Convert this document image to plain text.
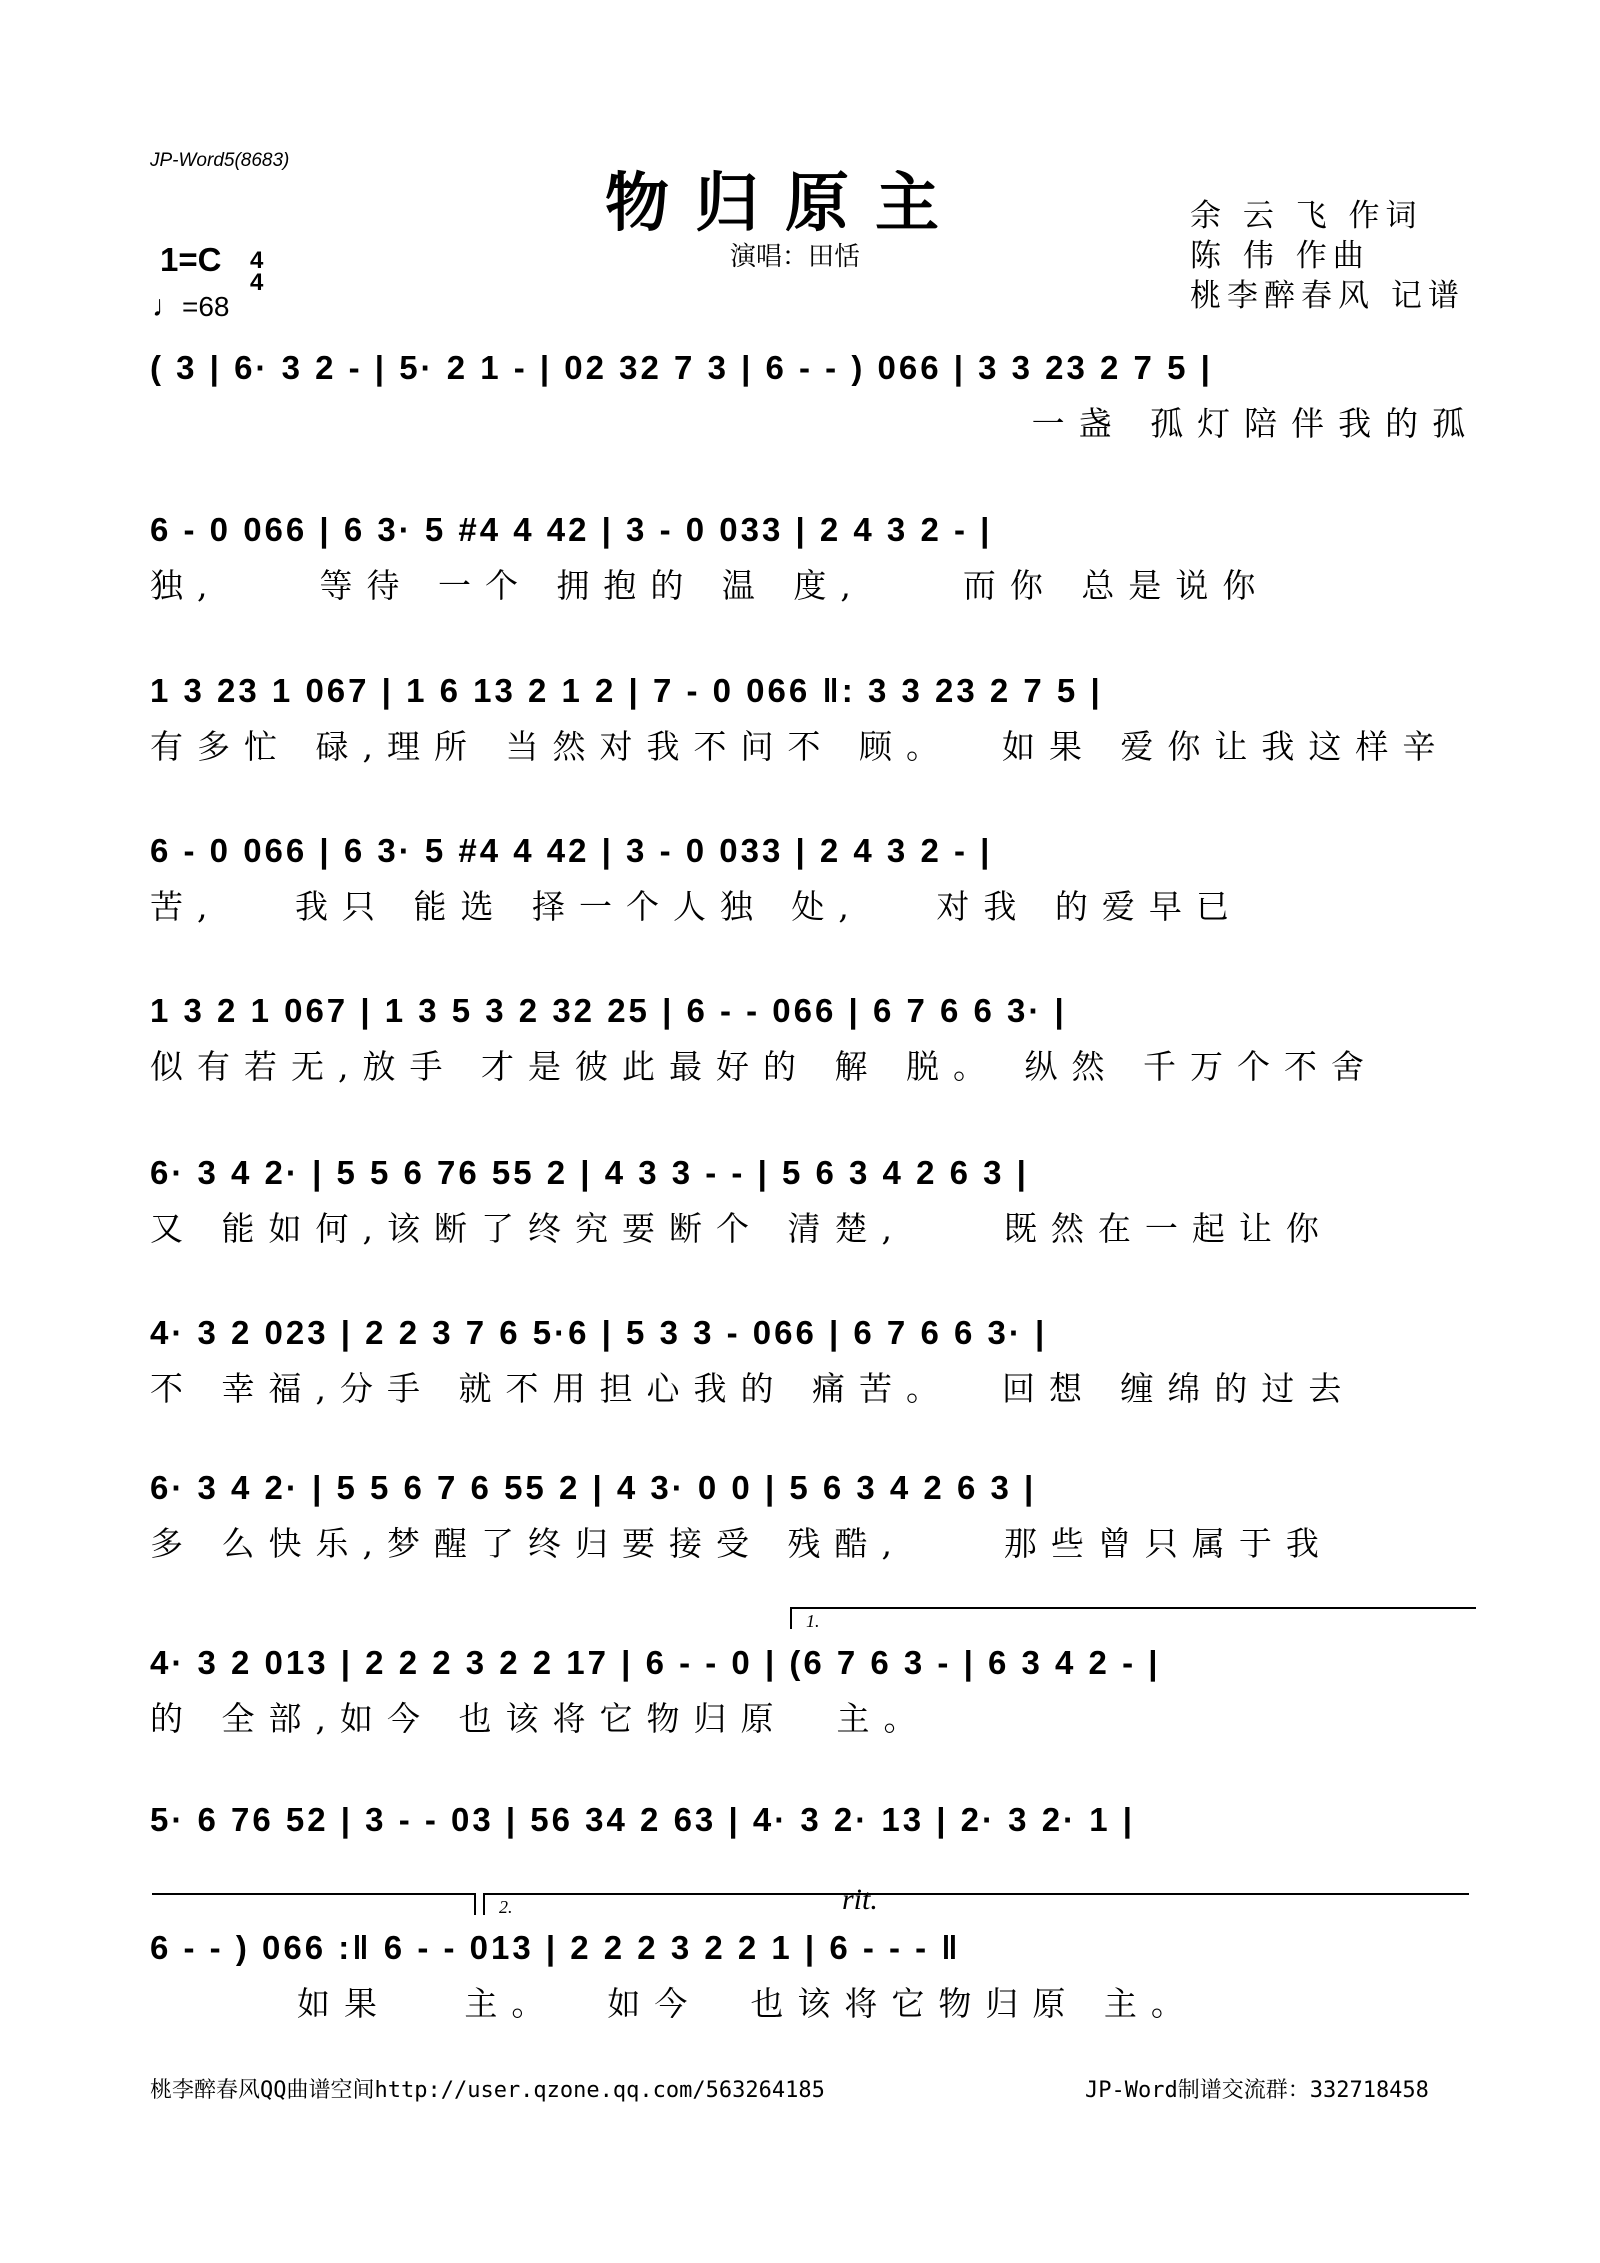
JP-Word5(8683)
物归原主
演唱：田恬
余 云 飞 作词
陈 伟 作曲
桃李醉春风 记谱
1=C 4
4
♩=68
( 3 | 6· 3 2 - | 5· 2 1 - | 02 32 7 3 | 6 - - ) 066 | 3 3 23 2 7 5 |
一盏 孤灯陪伴我的孤
6 - 0 066 | 6 3· 5 #4 4 42 | 3 - 0 033 | 2 4 3 2 - |
独,    等待 一个 拥抱的 温 度,    而你 总是说你
1 3 23 1 067 | 1 6 13 2 1 2 | 7 - 0 066 ‖: 3 3 23 2 7 5 |
有多忙 碌,理所 当然对我不问不 顾。  如果 爱你让我这样辛
6 - 0 066 | 6 3· 5 #4 4 42 | 3 - 0 033 | 2 4 3 2 - |
苦,   我只 能选 择一个人独 处,   对我 的爱早已
1 3 2 1 067 | 1 3 5 3 2 32 25 | 6 - - 066 | 6 7 6 6 3· |
似有若无,放手 才是彼此最好的 解 脱。 纵然 千万个不舍
6· 3 4 2· | 5 5 6 76 55 2 | 4 3 3 - - | 5 6 3 4 2 6 3 |
又 能如何,该断了终究要断个 清楚,    既然在一起让你
4· 3 2 023 | 2 2 3 7 6 5·6 | 5 3 3 - 066 | 6 7 6 6 3· |
不 幸福,分手 就不用担心我的 痛苦。  回想 缠绵的过去
6· 3 4 2· | 5 5 6 7 6 55 2 | 4 3· 0 0 | 5 6 3 4 2 6 3 |
多 么快乐,梦醒了终归要接受 残酷,    那些曾只属于我
1.
4· 3 2 013 | 2 2 2 3 2 2 17 | 6 - - 0 | (6 7 6 3 - | 6 3 4 2 - |
的 全部,如今 也该将它物归原  主。
5· 6 76 52 | 3 - - 03 | 56 34 2 63 | 4· 3 2· 13 | 2· 3 2· 1 |
2.	rit.
6 - - ) 066 :‖ 6 - - 013 | 2 2 2 3 2 2 1 | 6 - - - ‖
如果   主。  如今  也该将它物归原 主。
桃李醉春风QQ曲谱空间http://user.qzone.qq.com/563264185	JP-Word制谱交流群：332718458
